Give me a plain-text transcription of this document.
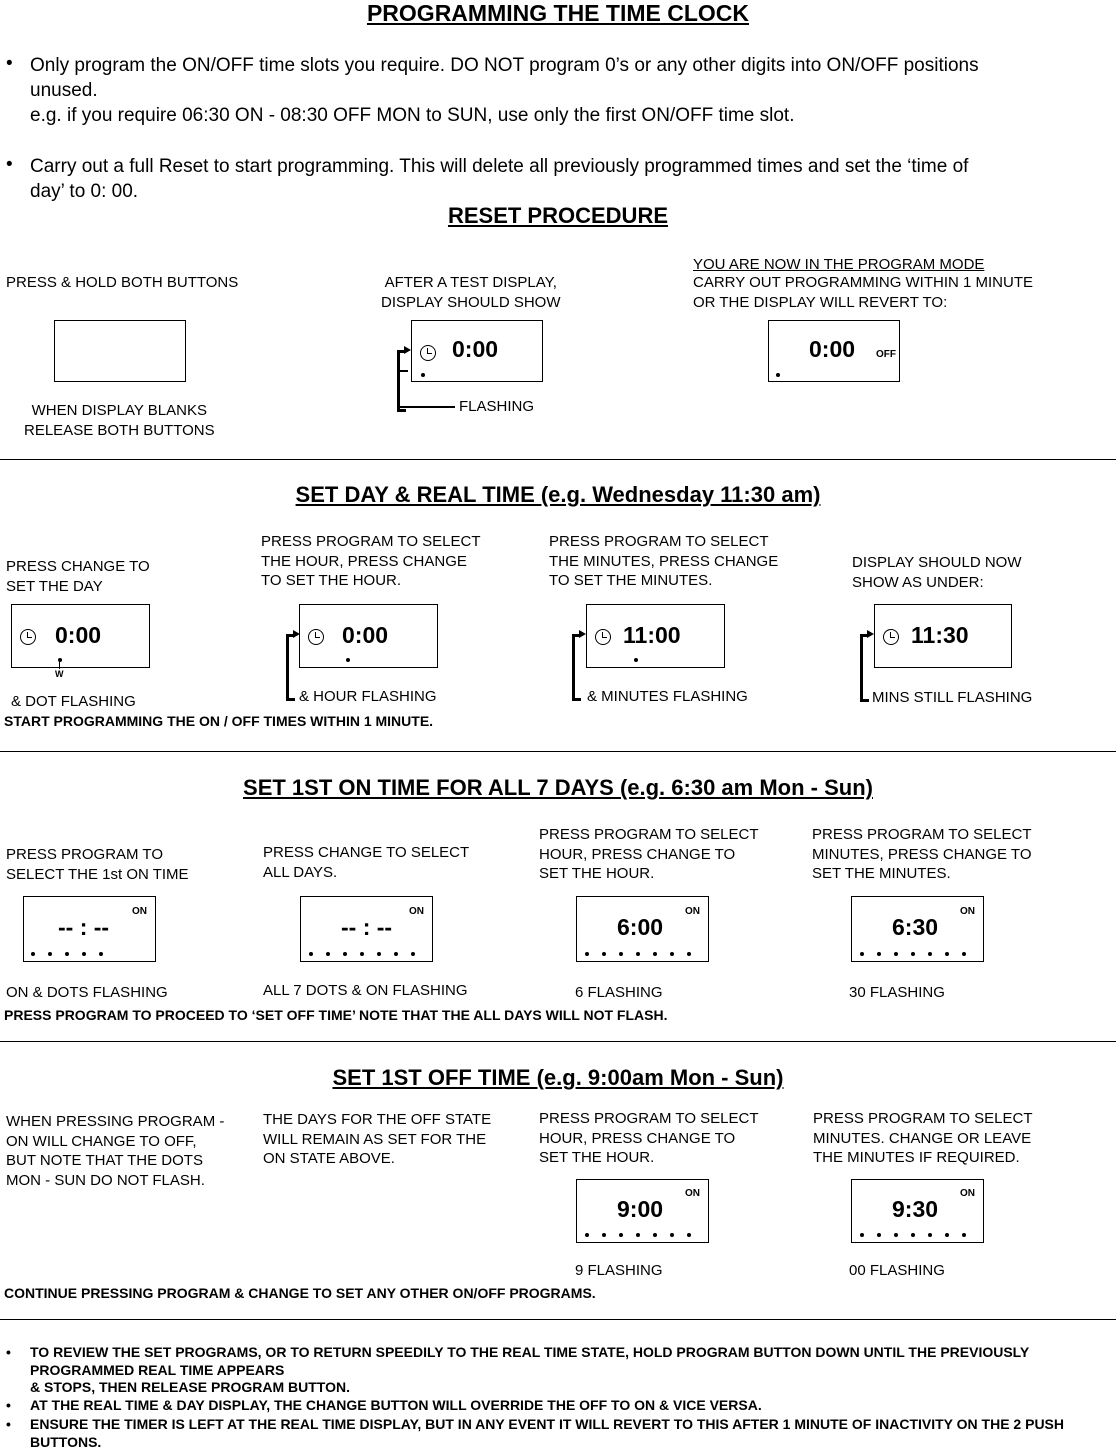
PROGRAMMING THE TIME CLOCK
• Only program the ON/OFF time slots you require. DO NOT program 0’s or any other digits into ON/OFF positions
unused.
e.g. if you require 06:30 ON - 08:30 OFF MON to SUN, use only the first ON/OFF time slot.
• Carry out a full Reset to start programming. This will delete all previously programmed times and set the ‘time of
day’ to 0: 00.
RESET PROCEDURE
PRESS & HOLD BOTH BUTTONS
WHEN DISPLAY BLANKS
RELEASE BOTH BUTTONS
AFTER A TEST DISPLAY,
DISPLAY SHOULD SHOW
0:00
FLASHING
YOU ARE NOW IN THE PROGRAM MODE
CARRY OUT PROGRAMMING WITHIN 1 MINUTE
OR THE DISPLAY WILL REVERT TO:
0:00 OFF
SET DAY & REAL TIME (e.g. Wednesday 11:30 am)
PRESS CHANGE TO
SET THE DAY
0:00
W
& DOT FLASHING
PRESS PROGRAM TO SELECT
THE HOUR, PRESS CHANGE
TO SET THE HOUR.
0:00
& HOUR FLASHING
PRESS PROGRAM TO SELECT
THE MINUTES, PRESS CHANGE
TO SET THE MINUTES.
11:00
& MINUTES FLASHING
DISPLAY SHOULD NOW
SHOW AS UNDER:
11:30
MINS STILL FLASHING
START PROGRAMMING THE ON / OFF TIMES WITHIN 1 MINUTE.
SET 1ST ON TIME FOR ALL 7 DAYS (e.g. 6:30 am Mon - Sun)
PRESS PROGRAM TO
SELECT THE 1st ON TIME
ON
-- : --
ON & DOTS FLASHING
PRESS CHANGE TO SELECT
ALL DAYS.
ON
-- : --
ALL 7 DOTS & ON FLASHING
PRESS PROGRAM TO SELECT
HOUR, PRESS CHANGE TO
SET THE HOUR.
ON
6:00
6 FLASHING
PRESS PROGRAM TO SELECT
MINUTES, PRESS CHANGE TO
SET THE MINUTES.
ON
6:30
30 FLASHING
PRESS PROGRAM TO PROCEED TO ‘SET OFF TIME’ NOTE THAT THE ALL DAYS WILL NOT FLASH.
SET 1ST OFF TIME (e.g. 9:00am Mon - Sun)
WHEN PRESSING PROGRAM -
ON WILL CHANGE TO OFF,
BUT NOTE THAT THE DOTS
MON - SUN DO NOT FLASH.
THE DAYS FOR THE OFF STATE
WILL REMAIN AS SET FOR THE
ON STATE ABOVE.
PRESS PROGRAM TO SELECT
HOUR, PRESS CHANGE TO
SET THE HOUR.
ON
9:00
9 FLASHING
PRESS PROGRAM TO SELECT
MINUTES. CHANGE OR LEAVE
THE MINUTES IF REQUIRED.
ON
9:30
00 FLASHING
CONTINUE PRESSING PROGRAM & CHANGE TO SET ANY OTHER ON/OFF PROGRAMS.
• TO REVIEW THE SET PROGRAMS, OR TO RETURN SPEEDILY TO THE REAL TIME STATE, HOLD PROGRAM BUTTON DOWN UNTIL THE PREVIOUSLY PROGRAMMED REAL TIME APPEARS
& STOPS, THEN RELEASE PROGRAM BUTTON.
• AT THE REAL TIME & DAY DISPLAY, THE CHANGE BUTTON WILL OVERRIDE THE OFF TO ON & VICE VERSA.
• ENSURE THE TIMER IS LEFT AT THE REAL TIME DISPLAY, BUT IN ANY EVENT IT WILL REVERT TO THIS AFTER 1 MINUTE OF INACTIVITY ON THE 2 PUSH BUTTONS.
